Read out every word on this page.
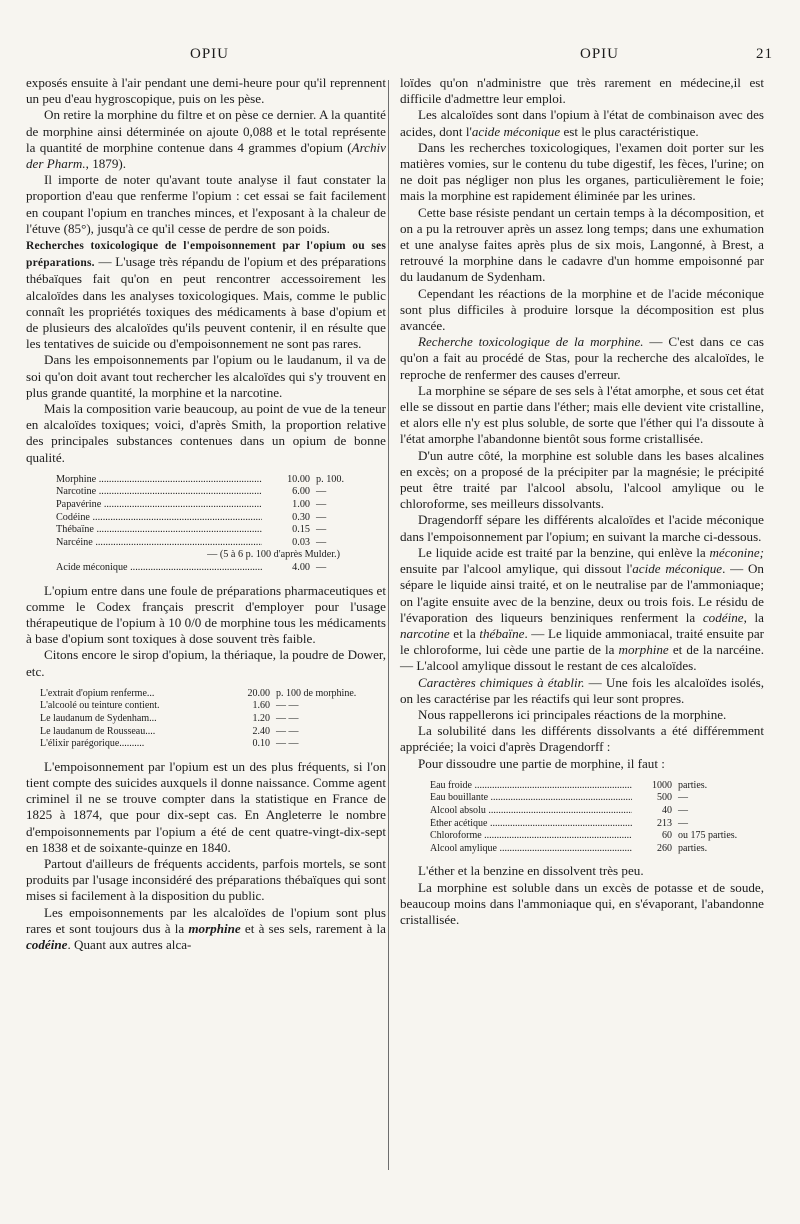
OPIU	OPIU	21

exposés ensuite à l'air pendant une demi-heure pour qu'il reprennent un peu d'eau hygroscopique, puis on les pèse.

On retire la morphine du filtre et on pèse ce dernier. A la quantité de morphine ainsi déterminée on ajoute 0,088 et le total représente la quantité de morphine contenue dans 4 grammes d'opium (Archiv der Pharm., 1879).

Il importe de noter qu'avant toute analyse il faut constater la proportion d'eau que renferme l'opium : cet essai se fait facilement en coupant l'opium en tranches minces, et l'exposant à la chaleur de l'étuve (85°), jusqu'à ce qu'il cesse de perdre de son poids.

Recherches toxicologique de l'empoisonnement par l'opium ou ses préparations. — L'usage très répandu de l'opium et des préparations thébaïques fait qu'on en peut rencontrer accessoirement les alcaloïdes dans les analyses toxicologiques. Mais, comme le public connaît les propriétés toxiques des médicaments à base d'opium et de plusieurs des alcaloïdes qu'ils peuvent contenir, il en résulte que les tentatives de suicide ou d'empoisonnement ne sont pas rares.

Dans les empoisonnements par l'opium ou le laudanum, il va de soi qu'on doit avant tout rechercher les alcaloïdes qui s'y trouvent en plus grande quantité, la morphine et la narcotine.

Mais la composition varie beaucoup, au point de vue de la teneur en alcaloïdes toxiques; voici, d'après Smith, la proportion relative des principales substances contenues dans un opium de bonne qualité.

Morphine .....	10.00 p. 100.
Narcotine .....	6.00 —
Papavérine .....	1.00 —
Codéine .....	0.30 —
Thébaïne .....	0.15 —
Narcéine .....	0.03 —
— (5 à 6 p. 100 d'après Mulder.)
Acide méconique .....	4.00 —

L'opium entre dans une foule de préparations pharmaceutiques et comme le Codex français prescrit d'employer pour l'usage thérapeutique de l'opium à 10 0/0 de morphine tous les médicaments à base d'opium sont toxiques à dose souvent très faible.

Citons encore le sirop d'opium, la thériaque, la poudre de Dower, etc.

L'extrait d'opium renferme...	20.00 p. 100 de morphine.
L'alcoolé ou teinture contient.	1.60 — —
Le laudanum de Sydenham...	1.20 — —
Le laudanum de Rousseau....	2.40 — —
L'élixir parégorique..........	0.10 — —

L'empoisonnement par l'opium est un des plus fréquents, si l'on tient compte des suicides auxquels il donne naissance. Comme agent criminel il ne se trouve compter dans la statistique en France de 1825 à 1874, que pour dix-sept cas. En Angleterre le nombre d'empoisonnements par l'opium a été de cent quatre-vingt-dix-sept en 1838 et de soixante-quinze en 1840.

Partout d'ailleurs de fréquents accidents, parfois mortels, se sont produits par l'usage inconsidéré des préparations thébaïques qui sont mises si facilement à la disposition du public.

Les empoisonnements par les alcaloïdes de l'opium sont plus rares et sont toujours dus à la morphine et à ses sels, rarement à la codéine. Quant aux autres alca-

loïdes qu'on n'administre que très rarement en médecine,il est difficile d'admettre leur emploi.

Les alcaloïdes sont dans l'opium à l'état de combinaison avec des acides, dont l'acide méconique est le plus caractéristique.

Dans les recherches toxicologiques, l'examen doit porter sur les matières vomies, sur le contenu du tube digestif, les fèces, l'urine; on ne doit pas négliger non plus les organes, particulièrement le foie; mais la morphine est rapidement éliminée par les urines.

Cette base résiste pendant un certain temps à la décomposition, et on a pu la retrouver après un assez long temps; dans une exhumation et une analyse faites après plus de six mois, Langonné, à Brest, a retrouvé la morphine dans le cadavre d'un homme empoisonné par du laudanum de Sydenham.

Cependant les réactions de la morphine et de l'acide méconique sont plus difficiles à produire lorsque la décomposition est plus avancée.

Recherche toxicologique de la morphine. — C'est dans ce cas qu'on a fait au procédé de Stas, pour la recherche des alcaloïdes, le reproche de renfermer des causes d'erreur.

La morphine se sépare de ses sels à l'état amorphe, et sous cet état elle se dissout en partie dans l'éther; mais elle devient vite cristalline, et alors elle n'y est plus soluble, de sorte que l'éther qui l'a dissoute à l'état amorphe l'abandonne bientôt sous forme cristallisée.

D'un autre côté, la morphine est soluble dans les bases alcalines en excès; on a proposé de la précipiter par la magnésie; le précipité peut être traité par l'alcool absolu, l'alcool amylique ou le chloroforme, ses meilleurs dissolvants.

Dragendorff sépare les différents alcaloïdes et l'acide méconique dans l'empoisonnement par l'opium; en suivant la marche ci-dessous.

Le liquide acide est traité par la benzine, qui enlève la méconine; ensuite par l'alcool amylique, qui dissout l'acide méconique. — On sépare le liquide ainsi traité, et on le neutralise par de l'ammoniaque; on l'agite ensuite avec de la benzine, deux ou trois fois. Le résidu de l'évaporation des liqueurs benziniques renferment la codéine, la narcotine et la thébaïne. — Le liquide ammoniacal, traité ensuite par le chloroforme, lui cède une partie de la morphine et de la narcéine. — L'alcool amylique dissout le restant de ces alcaloïdes.

Caractères chimiques à établir. — Une fois les alcaloïdes isolés, on les caractérise par les réactifs qui leur sont propres.

Nous rappellerons ici principales réactions de la morphine.

La solubilité dans les différents dissolvants a été différemment appréciée; la voici d'après Dragendorff :

Pour dissoudre une partie de morphine, il faut :

Eau froide .....	1000 parties.
Eau bouillante .....	500 —
Alcool absolu .....	40 —
Éther acétique .....	213 —
Chloroforme .....	60 ou 175 parties.
Alcool amylique .....	260 parties.

L'éther et la benzine en dissolvent très peu.

La morphine est soluble dans un excès de potasse et de soude, beaucoup moins dans l'ammoniaque qui, en s'évaporant, l'abandonne cristallisée.
